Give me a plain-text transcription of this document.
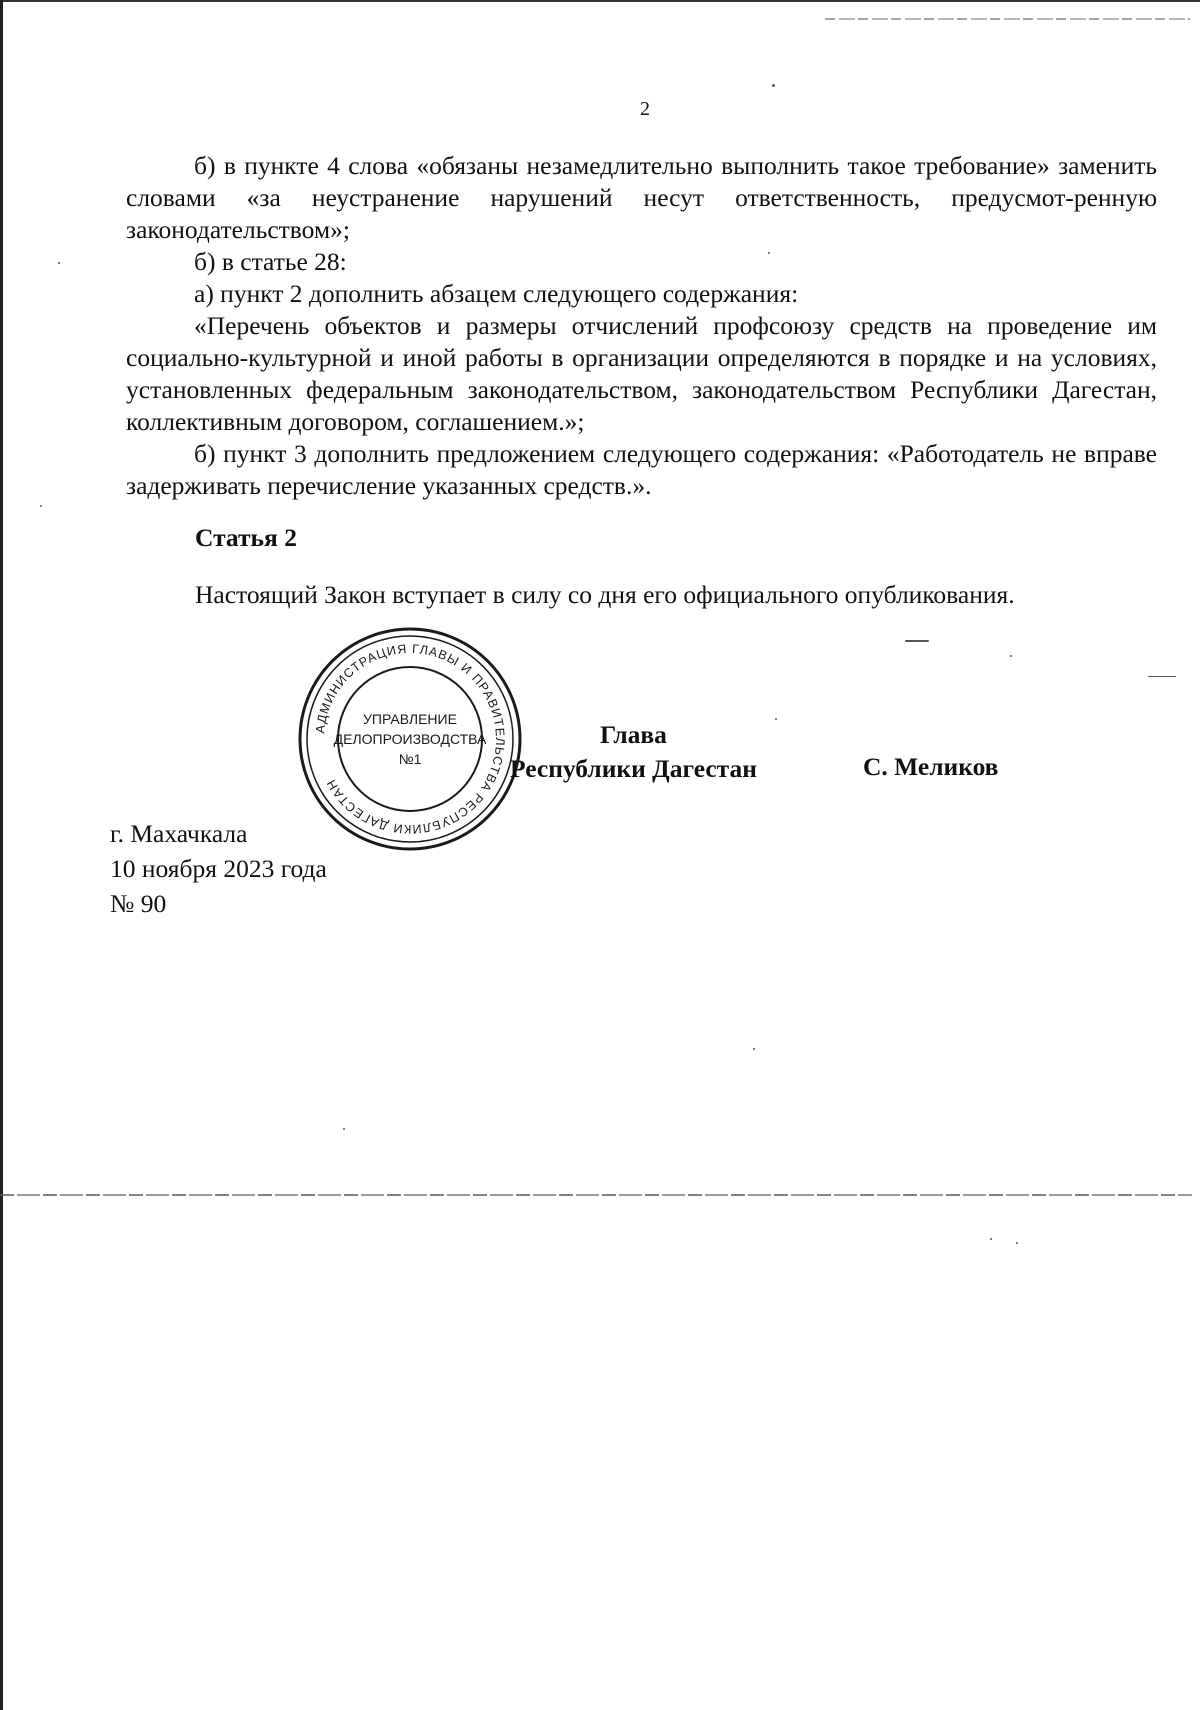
2

б) в пункте 4 слова «обязаны незамедлительно выполнить такое требование» заменить словами «за неустранение нарушений несут ответственность, предусмот-ренную законодательством»;

б) в статье 28:

а) пункт 2 дополнить абзацем следующего содержания:

«Перечень объектов и размеры отчислений профсоюзу средств на проведение им социально-культурной и иной работы в организации определяются в порядке и на условиях, установленных федеральным законодательством, законодательством Республики Дагестан, коллективным договором, соглашением.»;

б) пункт 3 дополнить предложением следующего содержания: «Работодатель не вправе задерживать перечисление указанных средств.».

Статья 2
Настоящий Закон вступает в силу со дня его официального опубликования.
АДМИНИСТРАЦИЯ ГЛАВЫ И ПРАВИТЕЛЬСТВА РЕСПУБЛИКИ ДАГЕСТАН
УПРАВЛЕНИЕ
ДЕЛОПРОИЗВОДСТВА
№1
Глава
Республики Дагестан	С. Меликов
г. Махачкала
10 ноября 2023 года
№ 90
